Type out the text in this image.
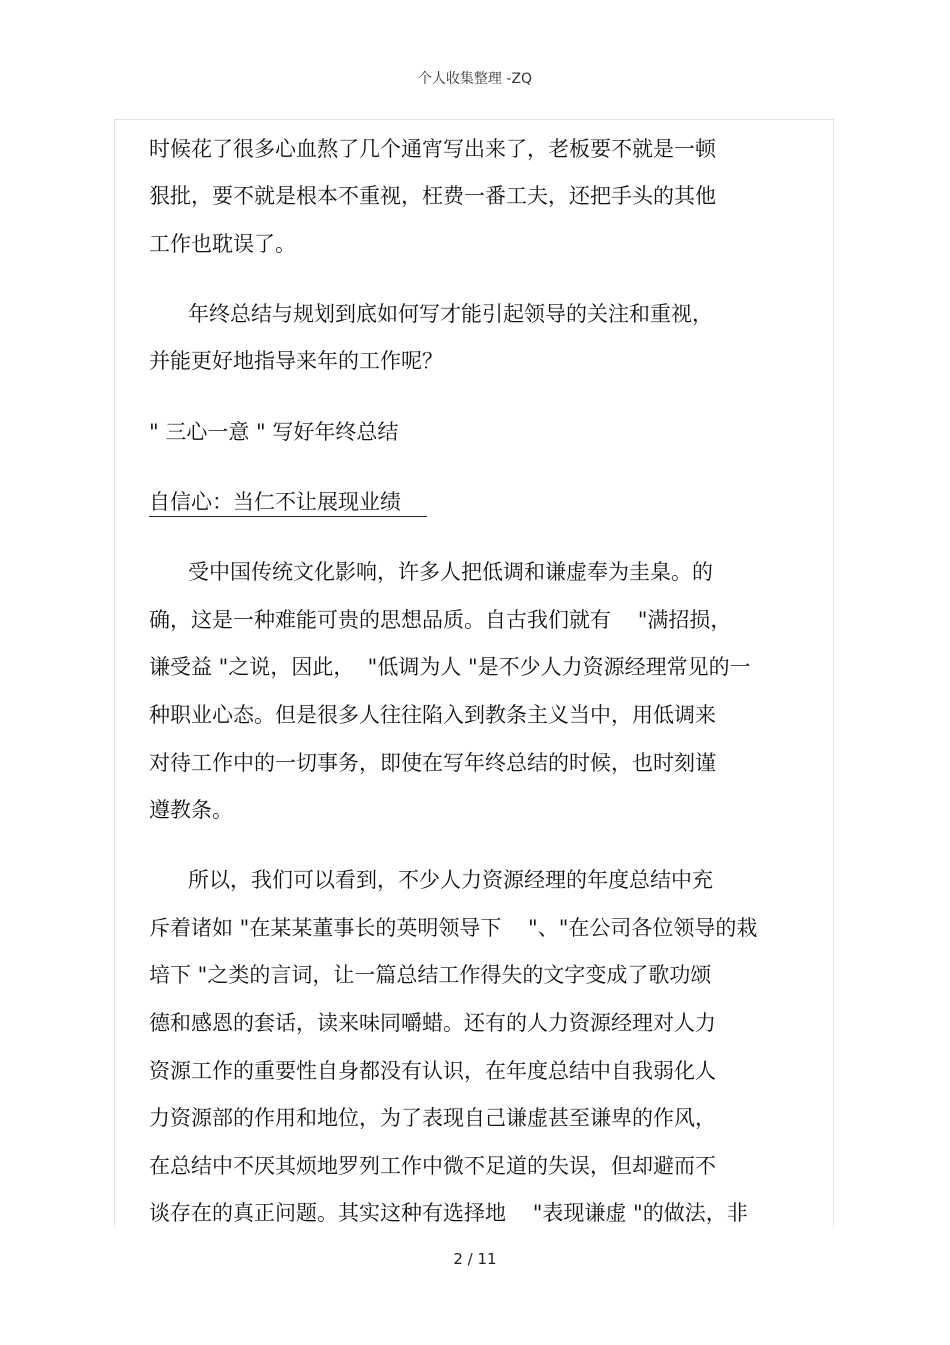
个人收集整理 -ZQ
时候花了很多心血熬了几个通宵写出来了，老板要不就是一顿
狠批，要不就是根本不重视，枉费一番工夫，还把手头的其他
工作也耽误了。
年终总结与规划到底如何写才能引起领导的关注和重视，
并能更好地指导来年的工作呢？
" 三心一意 " 写好年终总结
自信心：当仁不让展现业绩
受中国传统文化影响，许多人把低调和谦虚奉为圭臬。的
确，这是一种难能可贵的思想品质。自古我们就有    "满招损，
谦受益 "之说，因此，  "低调为人 "是不少人力资源经理常见的一
种职业心态。但是很多人往往陷入到教条主义当中，用低调来
对待工作中的一切事务，即使在写年终总结的时候，也时刻谨
遵教条。
所以，我们可以看到，不少人力资源经理的年度总结中充
斥着诸如 "在某某董事长的英明领导下    "、"在公司各位领导的栽
培下 "之类的言词，让一篇总结工作得失的文字变成了歌功颂
德和感恩的套话，读来味同嚼蜡。还有的人力资源经理对人力
资源工作的重要性自身都没有认识，在年度总结中自我弱化人
力资源部的作用和地位，为了表现自己谦虚甚至谦卑的作风，
在总结中不厌其烦地罗列工作中微不足道的失误，但却避而不
谈存在的真正问题。其实这种有选择地    "表现谦虚 "的做法，非
2 / 11
